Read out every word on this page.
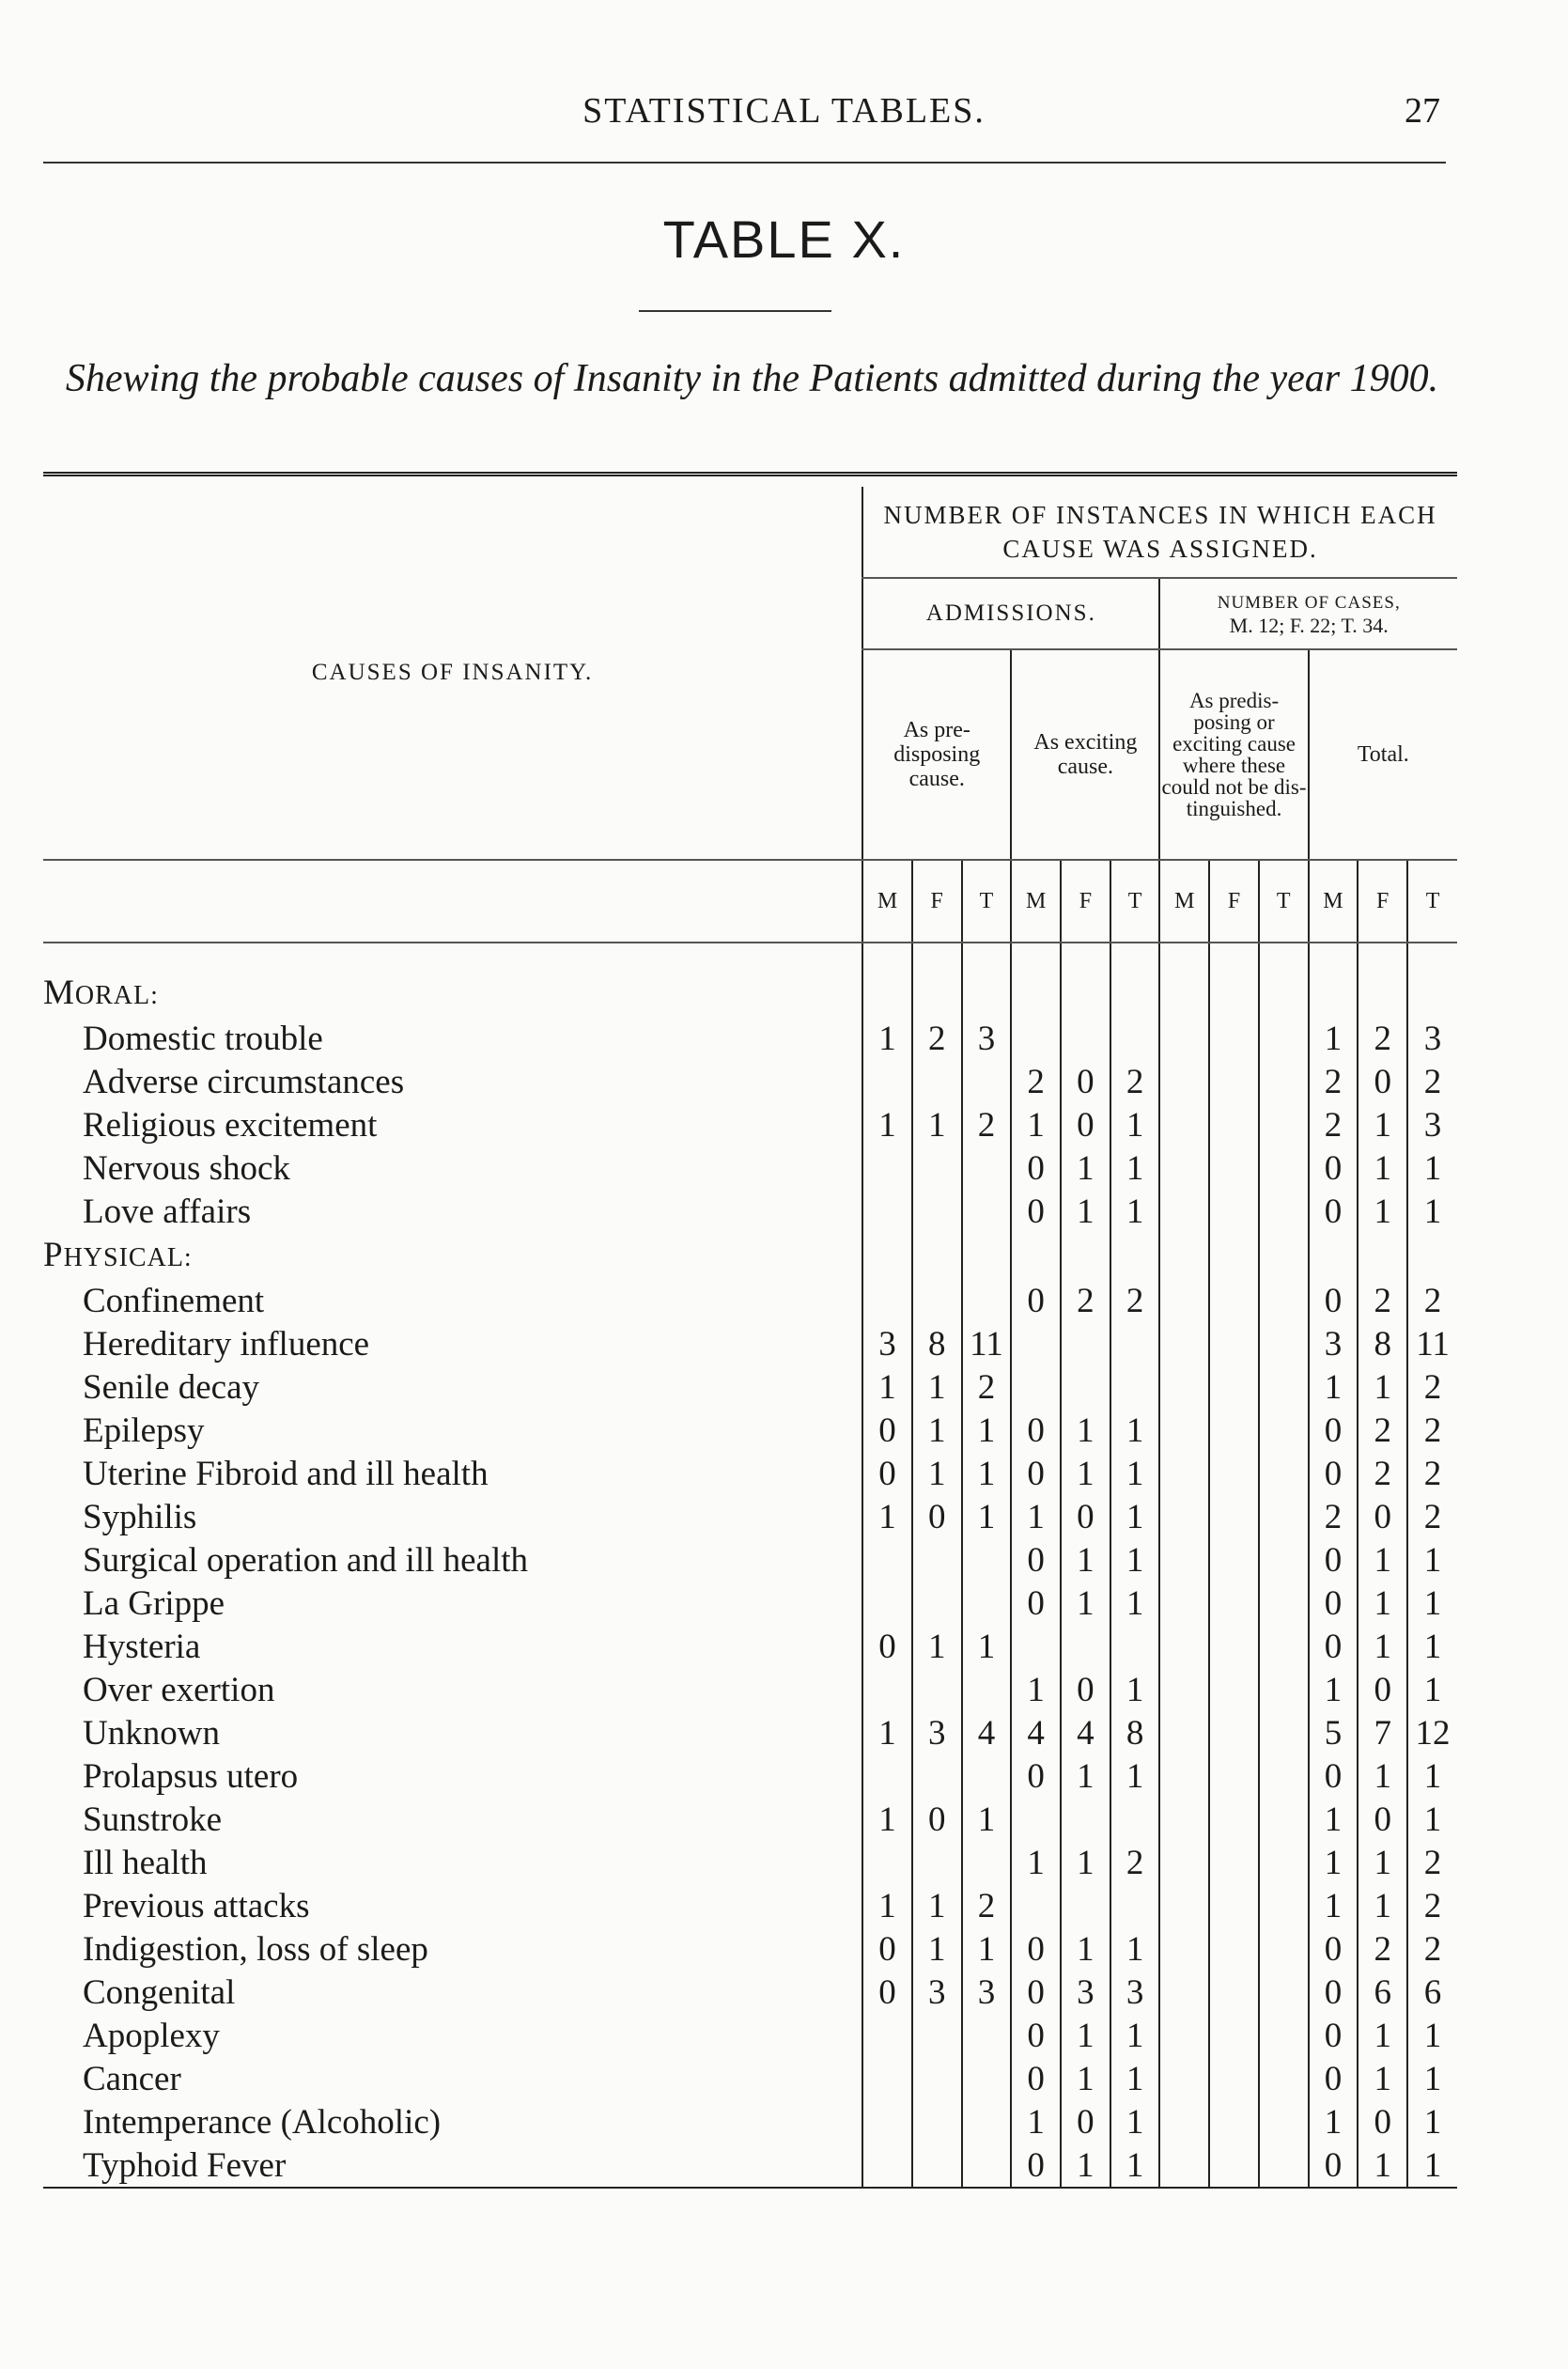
STATISTICAL TABLES.	27
TABLE X.
Shewing the probable causes of Insanity in the Patients admitted during the year 1900.
CAUSES OF INSANITY.	NUMBER OF INSTANCES IN WHICH EACH CAUSE WAS ASSIGNED.											
	ADMISSIONS.						NUMBER OF CASES,
M. 12; F. 22; T. 34.					
	As pre-disposing cause.			As exciting cause.			As predis-posing or exciting cause where these could not be dis-tinguished.			Total.		
	M	F	T	M	F	T	M	F	T	M	F	T

MORAL:												
Domestic trouble	1	2	3							1	2	3
Adverse circumstances				2	0	2				2	0	2
Religious excitement	1	1	2	1	0	1				2	1	3
Nervous shock				0	1	1				0	1	1
Love affairs				0	1	1				0	1	1
PHYSICAL:												
Confinement				0	2	2				0	2	2
Hereditary influence	3	8	11							3	8	11
Senile decay	1	1	2							1	1	2
Epilepsy	0	1	1	0	1	1				0	2	2
Uterine Fibroid and ill health	0	1	1	0	1	1				0	2	2
Syphilis	1	0	1	1	0	1				2	0	2
Surgical operation and ill health				0	1	1				0	1	1
La Grippe				0	1	1				0	1	1
Hysteria	0	1	1							0	1	1
Over exertion				1	0	1				1	0	1
Unknown	1	3	4	4	4	8				5	7	12
Prolapsus utero				0	1	1				0	1	1
Sunstroke	1	0	1							1	0	1
Ill health				1	1	2				1	1	2
Previous attacks	1	1	2							1	1	2
Indigestion, loss of sleep	0	1	1	0	1	1				0	2	2
Congenital	0	3	3	0	3	3				0	6	6
Apoplexy				0	1	1				0	1	1
Cancer				0	1	1				0	1	1
Intemperance (Alcoholic)				1	0	1				1	0	1
Typhoid Fever				0	1	1				0	1	1
